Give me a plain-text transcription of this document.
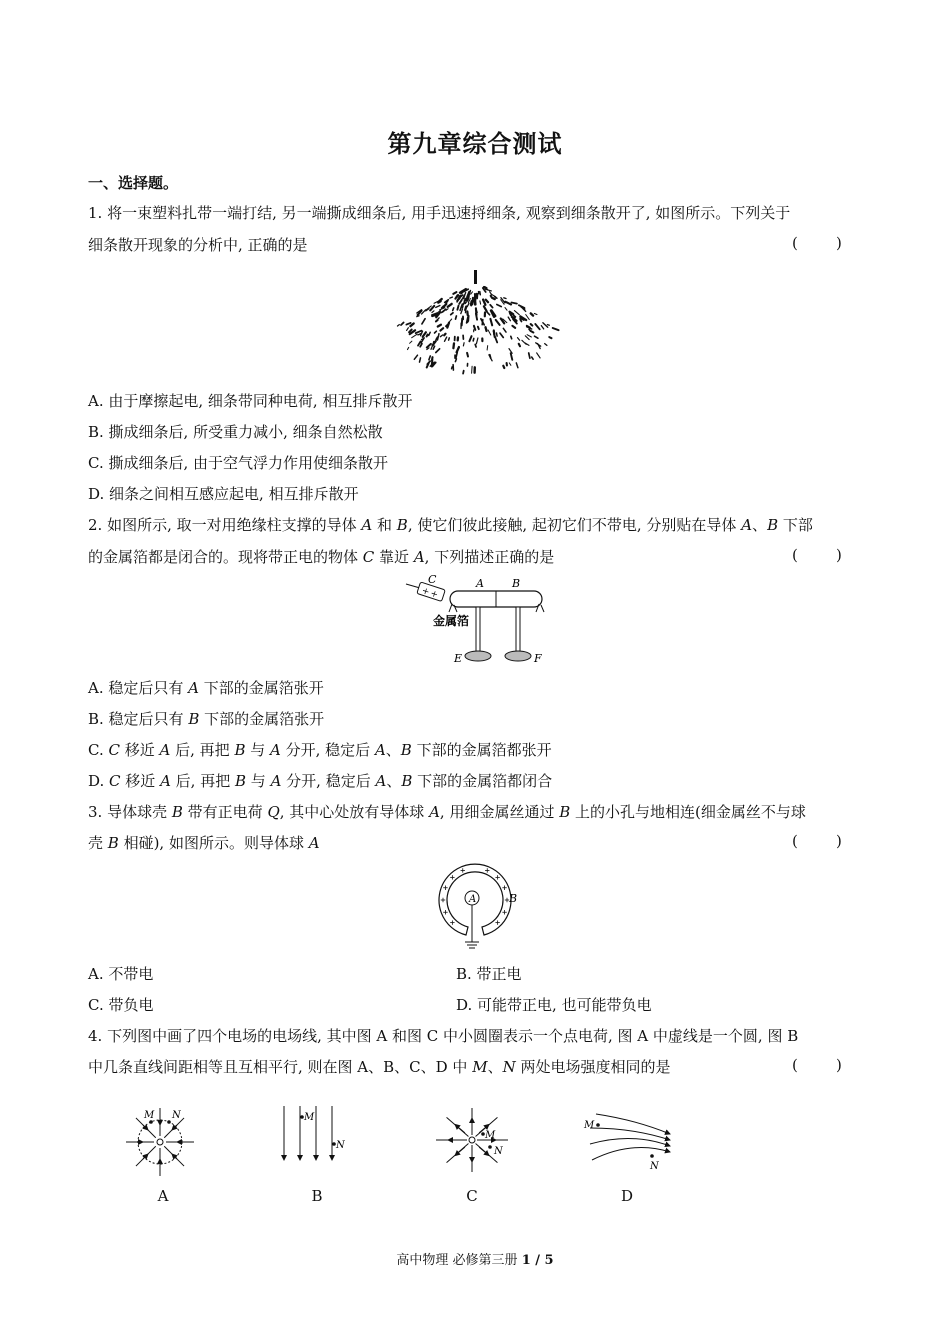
第九章综合测试
一、选择题。
1. 将一束塑料扎带一端打结, 另一端撕成细条后, 用手迅速捋细条, 观察到细条散开了, 如图所示。下列关于
细条散开现象的分析中, 正确的是	(        )
A. 由于摩擦起电, 细条带同种电荷, 相互排斥散开
B. 撕成细条后, 所受重力减小, 细条自然松散
C. 撕成细条后, 由于空气浮力作用使细条散开
D. 细条之间相互感应起电, 相互排斥散开
2. 如图所示, 取一对用绝缘柱支撑的导体 A 和 B, 使它们彼此接触, 起初它们不带电, 分别贴在导体 A、B 下部
的金属箔都是闭合的。现将带正电的物体 C 靠近 A, 下列描述正确的是	(        )
+
+
C	A	B
金属箔
E	F
A. 稳定后只有 A 下部的金属箔张开
B. 稳定后只有 B 下部的金属箔张开
C. C 移近 A 后, 再把 B 与 A 分开, 稳定后 A、B 下部的金属箔都张开
D. C 移近 A 后, 再把 B 与 A 分开, 稳定后 A、B 下部的金属箔都闭合
3. 导体球壳 B 带有正电荷 Q, 其中心处放有导体球 A, 用细金属丝通过 B 上的小孔与地相连(细金属丝不与球
壳 B 相碰), 如图所示。则导体球 A	(        )
A	B
A. 不带电	B. 带正电
C. 带负电	D. 可能带正电, 也可能带负电
4. 下列图中画了四个电场的电场线, 其中图 A 和图 C 中小圆圈表示一个点电荷, 图 A 中虚线是一个圆, 图 B
中几条直线间距相等且互相平行, 则在图 A、B、C、D 中 M、N 两处电场强度相同的是	(        )
M N
A
M
N
B
M
N
C
M
N
D
高中物理 必修第三册 1 / 5
